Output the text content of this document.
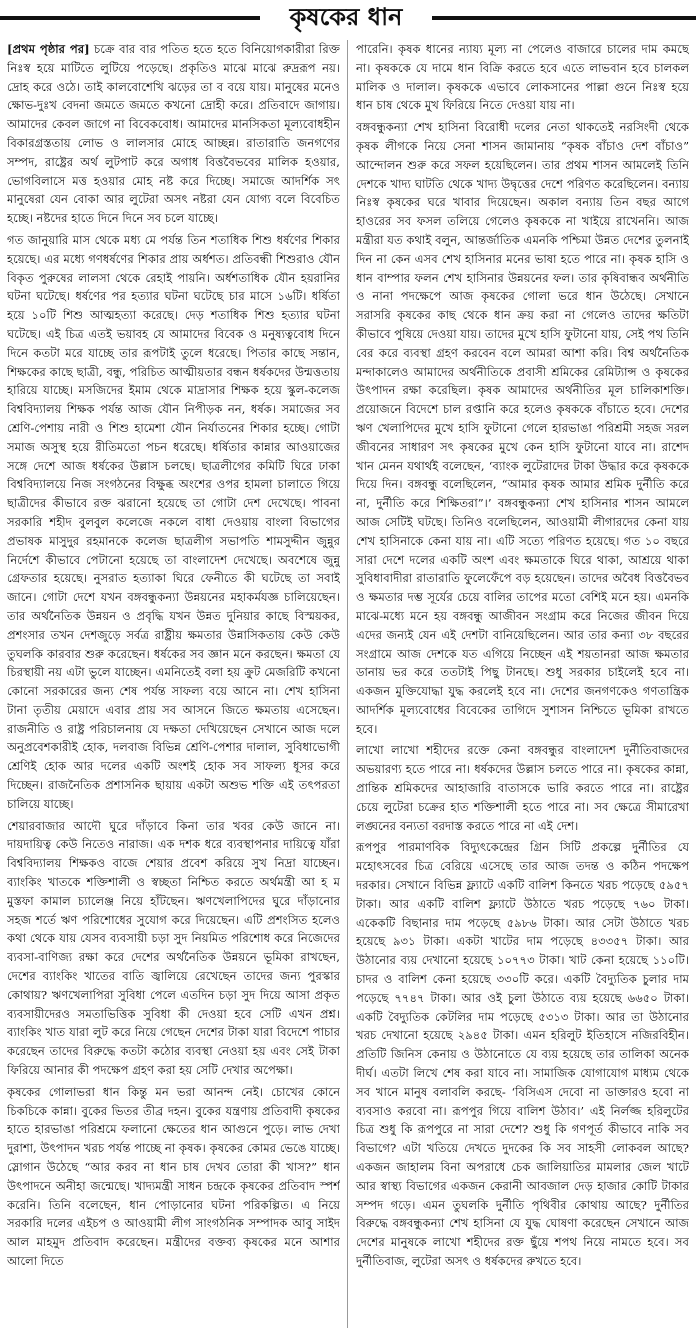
কৃষকের ধান

[প্রথম পৃষ্ঠার পর] চক্রে বার বার পতিত হতে হতে বিনিয়োগকারীরা রিক্ত নিঃস্ব হয়ে মাটিতে লুটিয়ে পড়েছে। প্রকৃতিও মাঝে মাঝে রুদ্ররূপ নয়। দ্রোহ করে ওঠে। তাই কালবোশেখি ঝড়ের তা ব বয়ে যায়। মানুষের মনেও ক্ষোভ-দুঃখ বেদনা জমতে জমতে কখনো দ্রোহী করে। প্রতিবাদে জাগায়। আমাদের কেবল জাগে না বিবেকবোধ। আমাদের মানসিকতা মূল্যবোধহীন বিকারগ্রস্ততায় লোভ ও লালসার মোহে আচ্ছন্ন। রাতারাতি জনগণের সম্পদ, রাষ্ট্রের অর্থ লুটপাট করে অগাধ বিত্তবৈভবের মালিক হওয়ার, ভোগবিলাসে মত্ত হওয়ার মোহ নষ্ট করে দিচ্ছে। সমাজে আদর্শিক সৎ মানুষেরা যেন বোকা আর লুটেরা অসৎ নষ্টরা যেন যোগ্য বলে বিবেচিত হচ্ছে। নষ্টদের হাতে দিনে দিনে সব চলে যাচ্ছে।

গত জানুয়ারি মাস থেকে মধ্য মে পর্যন্ত তিন শতাধিক শিশু ধর্ষণের শিকার হয়েছে। এর মধ্যে গণধর্ষণের শিকার প্রায় অর্ধশত। প্রতিবন্ধী শিশুরাও যৌন বিকৃত পুরুষের লালসা থেকে রেহাই পায়নি। অর্ধশতাধিক যৌন হয়রানির ঘটনা ঘটেছে। ধর্ষণের পর হত্যার ঘটনা ঘটেছে চার মাসে ১৬টি। ধর্ষিতা হয়ে ১০টি শিশু আত্মহত্যা করেছে। দেড় শতাধিক শিশু হত্যার ঘটনা ঘটেছে। এই চিত্র এতই ভয়াবহ যে আমাদের বিবেক ও মনুষ্যত্ববোধ দিনে দিনে কতটা মরে যাচ্ছে তার রূপটাই তুলে ধরেছে। পিতার কাছে সন্তান, শিক্ষকের কাছে ছাত্রী, বন্ধু, পরিচিত আত্মীয়তার বন্ধন ধর্ষকদের উন্মত্ততায় হারিয়ে যাচ্ছে। মসজিদের ইমাম থেকে মাদ্রাসার শিক্ষক হয়ে স্কুল-কলেজ বিশ্ববিদ্যালয় শিক্ষক পর্যন্ত আজ যৌন নিপীড়ক নন, ধর্ষক। সমাজের সব শ্রেণি-পেশায় নারী ও শিশু হামেশা যৌন নির্যাতনের শিকার হচ্ছে। গোটা সমাজ অসুস্থ হয়ে রীতিমতো পচন ধরেছে। ধর্ষিতার কান্নার আওয়াজের সঙ্গে দেশে আজ ধর্ষকের উল্লাস চলছে। ছাত্রলীগের কমিটি ঘিরে ঢাকা বিশ্ববিদ্যালয়ে নিজ সংগঠনের বিক্ষুব্ধ অংশের ওপর হামলা চালাতে গিয়ে ছাত্রীদের কীভাবে রক্ত ঝরানো হয়েছে তা গোটা দেশ দেখেছে। পাবনা সরকারি শহীদ বুলবুল কলেজে নকলে বাধা দেওয়ায় বাংলা বিভাগের প্রভাষক মাসুদুর রহমানকে কলেজ ছাত্রলীগ সভাপতি শামসুদ্দীন জুন্নুর নির্দেশে কীভাবে পেটানো হয়েছে তা বাংলাদেশ দেখেছে। অবশেষে জুন্নু গ্রেফতার হয়েছে। নুসরাত হত্যাকা ঘিরে ফেনীতে কী ঘটেছে তা সবাই জানে। গোটা দেশে যখন বঙ্গবন্ধুকন্যা উন্নয়নের মহাকর্মযজ্ঞ চালিয়েছেন। তার অর্থনৈতিক উন্নয়ন ও প্রবৃদ্ধি যখন উন্নত দুনিয়ার কাছে বিস্ময়কর, প্রশংসার তখন দেশজুড়ে সর্বত্র রাষ্ট্রীয় ক্ষমতার উন্নাসিকতায় কেউ কেউ তুঘলকি কারবার শুরু করেছেন। ধর্ষকের সব জ্ঞান মনে করছেন। ক্ষমতা যে চিরস্থায়ী নয় এটা ভুলে যাচ্ছেন। এমনিতেই বলা হয় ক্রুট মেজরিটি কখনো কোনো সরকারের জন্য শেষ পর্যন্ত সাফল্য বয়ে আনে না। শেখ হাসিনা টানা তৃতীয় মেয়াদে এবার প্রায় সব আসনে জিতে ক্ষমতায় এসেছেন। রাজনীতি ও রাষ্ট্র পরিচালনায় যে দক্ষতা দেখিয়েছেন সেখানে আজ দলে অনুপ্রবেশকারীই হোক, দলবাজ বিভিন্ন শ্রেণি-পেশার দালাল, সুবিধাভোগী শ্রেণিই হোক আর দলের একটি অংশই হোক সব সাফল্য ধূসর করে দিচ্ছেন। রাজনৈতিক প্রশাসনিক ছায়ায় একটা অশুভ শক্তি এই তৎপরতা চালিয়ে যাচ্ছে।

শেয়ারবাজার আদৌ ঘুরে দাঁড়াবে কিনা তার খবর কেউ জানে না। দায়দায়িত্ব কেউ নিতেও নারাজ। এক দশক ধরে ব্যবস্থাপনার দায়িত্বে যাঁরা বিশ্ববিদ্যালয় শিক্ষকও বাজে শেয়ার প্রবেশ করিয়ে সুখ নিদ্রা যাচ্ছেন। ব্যাংকিং খাতকে শক্তিশালী ও স্বচ্ছতা নিশ্চিত করতে অর্থমন্ত্রী আ হ ম মুস্তফা কামাল চ্যালেঞ্জ নিয়ে হাঁটছেন। ঋণখেলাপিদের ঘুরে দাঁড়ানোর সহজ শর্তে ঋণ পরিশোধের সুযোগ করে দিয়েছেন। এটি প্রশংসিত হলেও কথা থেকে যায় যেসব ব্যবসায়ী চড়া সুদ নিয়মিত পরিশোধ করে নিজেদের ব্যবসা-বাণিজ্য রক্ষা করে দেশের অর্থনৈতিক উন্নয়নে ভূমিকা রাখছেন, দেশের ব্যাংকিং খাতের বাতি জ্বালিয়ে রেখেছেন তাদের জন্য পুরস্কার কোথায়? ঋণখেলাপিরা সুবিধা পেলে এতদিন চড়া সুদ দিয়ে আসা প্রকৃত ব্যবসায়ীদেরও সমতাভিত্তিক সুবিধা কী দেওয়া হবে সেটি এখন প্রশ্ন। ব্যাংকিং খাত যারা লুট করে নিয়ে গেছেন দেশের টাকা যারা বিদেশে পাচার করেছেন তাদের বিরুদ্ধে কতটা কঠোর ব্যবস্থা নেওয়া হয় এবং সেই টাকা ফিরিয়ে আনার কী পদক্ষেপ গ্রহণ করা হয় সেটি দেখার অপেক্ষা।

কৃষকের গোলাভরা ধান কিন্তু মন ভরা আনন্দ নেই। চোখের কোনে চিকচিকে কান্না। বুকের ভিতর তীব্র দহন। বুকের যন্ত্রণায় প্রতিবাদী কৃষকের হাতে হারভাঙা পরিশ্রমে ফলানো ক্ষেতের ধান আগুনে পুড়ে। লাভ দেখা দুরাশা, উৎপাদন খরচ পর্যন্ত পাচ্ছে না কৃষক। কৃষকের কোমর ভেঙে যাচ্ছে। স্লোগান উঠেছে “আর করব না ধান চাষ দেখব তোরা কী খাস?” ধান উৎপাদনে অনীহা জন্মেছে। খাদ্যমন্ত্রী সাধন চন্দ্রকে কৃষকের প্রতিবাদ স্পর্শ করেনি। তিনি বলেছেন, ধান পোড়ানোর ঘটনা পরিকল্পিত। এ নিয়ে সরকারি দলের এইচপ ও আওয়ামী লীগ সাংগঠনিক সম্পাদক আবু সাইদ আল মাহমুদ প্রতিবাদ করেছেন। মন্ত্রীদের বক্তব্য কৃষকের মনে আশার আলো দিতে

পারেনি। কৃষক ধানের ন্যায্য মূল্য না পেলেও বাজারে চালের দাম কমছে না। কৃষককে যে দামে ধান বিক্রি করতে হবে এতে লাভবান হবে চালকল মালিক ও দালাল। কৃষককে এভাবে লোকসানের পাল্লা গুনে নিঃস্ব হয়ে ধান চাষ থেকে মুখ ফিরিয়ে নিতে দেওয়া যায় না।

বঙ্গবন্ধুকন্যা শেখ হাসিনা বিরোধী দলের নেতা থাকতেই নরসিংদী থেকে কৃষক লীগকে নিয়ে সেনা শাসন জামানায় “কৃষক বাঁচাও দেশ বাঁচাও” আন্দোলন শুরু করে সফল হয়েছিলেন। তার প্রথম শাসন আমলেই তিনি দেশকে খাদ্য ঘাটতি থেকে খাদ্য উদ্বৃত্তের দেশে পরিণত করেছিলেন। বন্যায় নিঃস্ব কৃষকের ঘরে খাবার দিয়েছেন। অকাল বন্যায় তিন বছর আগে হাওরের সব ফসল তলিয়ে গেলেও কৃষককে না খাইয়ে রাখেননি। আজ মন্ত্রীরা যত কথাই বলুন, আন্তর্জাতিক এমনকি পশ্চিমা উন্নত দেশের তুলনাই দিন না কেন এসব শেখ হাসিনার মনের ভাষা হতে পারে না। কৃষক হাসি ও ধান বাম্পার ফলন শেখ হাসিনার উন্নয়নের ফল। তার কৃষিবান্ধব অর্থনীতি ও নানা পদক্ষেপে আজ কৃষকের গোলা ভরে ধান উঠেছে। সেখানে সরাসরি কৃষকের কাছ থেকে ধান ক্রয় করা না গেলেও তাদের ক্ষতিটা কীভাবে পুষিয়ে দেওয়া যায়। তাদের মুখে হাসি ফুটানো যায়, সেই পথ তিনি বের করে ব্যবস্থা গ্রহণ করবেন বলে আমরা আশা করি। বিশ্ব অর্থনৈতিক মন্দাকালেও আমাদের অর্থনীতিকে প্রবাসী শ্রমিকের রেমিট্যান্স ও কৃষকের উৎপাদন রক্ষা করেছিল। কৃষক আমাদের অর্থনীতির মূল চালিকাশক্তি। প্রয়োজনে বিদেশে চাল রপ্তানি করে হলেও কৃষককে বাঁচাতে হবে। দেশের ঋণ খেলাপিদের মুখে হাসি ফুটানো গেলে হারভাঙা পরিশ্রমী সহজ সরল জীবনের সাধারণ সৎ কৃষকের মুখে কেন হাসি ফুটানো যাবে না। রাশেদ খান মেনন যথার্থই বলেছেন, ‘ব্যাংক লুটেরাদের টাকা উদ্ধার করে কৃষককে দিয়ে দিন। বঙ্গবন্ধু বলেছিলেন, “আমার কৃষক আমার শ্রমিক দুর্নীতি করে না, দুর্নীতি করে শিক্ষিতরা”।’ বঙ্গবন্ধুকন্যা শেখ হাসিনার শাসন আমলে আজ সেটিই ঘটছে। তিনিও বলেছিলেন, আওয়ামী লীগারদের কেনা যায় শেখ হাসিনাকে কেনা যায় না। এটি সত্যে পরিণত হয়েছে। গত ১০ বছরে সারা দেশে দলের একটি অংশ এবং ক্ষমতাকে ঘিরে থাকা, আশ্রয়ে থাকা সুবিধাবাদীরা রাতারাতি ফুলেফেঁপে বড় হয়েছেন। তাদের অবৈধ বিত্তবৈভব ও ক্ষমতার দম্ভ সূর্যের চেয়ে বালির তাপের মতো বেশিই মনে হয়। এমনকি মাঝে-মধ্যে মনে হয় বঙ্গবন্ধু আজীবন সংগ্রাম করে নিজের জীবন দিয়ে এদের জন্যই যেন এই দেশটা বানিয়েছিলেন। আর তার কন্যা ৩৮ বছরের সংগ্রামে আজ দেশকে যত এগিয়ে নিচ্ছেন এই শয়তানরা আজ ক্ষমতার ডানায় ভর করে ততটাই পিছু টানছে। শুধু সরকার চাইলেই হবে না। একজন মুক্তিযোদ্ধা যুদ্ধ করলেই হবে না। দেশের জনগণকেও গণতান্ত্রিক আদর্শিক মূল্যবোধের বিবেকের তাগিদে সুশাসন নিশ্চিতে ভূমিকা রাখতে হবে।

লাখো লাখো শহীদের রক্তে কেনা বঙ্গবন্ধুর বাংলাদেশ দুর্নীতিবাজদের অভয়ারণ্য হতে পারে না। ধর্ষকদের উল্লাস চলতে পারে না। কৃষকের কান্না, প্রান্তিক শ্রমিকদের আহাজারি বাতাসকে ভারি করতে পারে না। রাষ্ট্রের চেয়ে লুটেরা চক্রের হাত শক্তিশালী হতে পারে না। সব ক্ষেত্রে সীমারেখা লঙ্ঘনের বন্যতা বরদাস্ত করতে পারে না এই দেশ।

রূপপুর পারমাণবিক বিদ্যুৎকেন্দ্রের গ্রিন সিটি প্রকল্পে দুর্নীতির যে মহোৎসবের চিত্র বেরিয়ে এসেছে তার আজ তদন্ত ও কঠিন পদক্ষেপ দরকার। সেখানে বিভিন্ন ফ্ল্যাটে একটি বালিশ কিনতে খরচ পড়েছে ৫৯৫৭ টাকা। আর একটি বালিশ ফ্ল্যাটে উঠাতে খরচ পড়েছে ৭৬০ টাকা। একেকটি বিছানার দাম পড়েছে ৫৯৮৬ টাকা। আর সেটা উঠাতে খরচ হয়েছে ৯৩১ টাকা। একটা খাটের দাম পড়েছে ৪৩৩৫৭ টাকা। আর উঠানোর ব্যয় দেখানো হয়েছে ১০৭৭৩ টাকা। খাট কেনা হয়েছে ১১০টি। চাদর ও বালিশ কেনা হয়েছে ৩৩০টি করে। একটি বৈদ্যুতিক চুলার দাম পড়েছে ৭৭৪৭ টাকা। আর ওই চুলা উঠাতে ব্যয় হয়েছে ৬৬৫০ টাকা। একটি বৈদ্যুতিক কেটলির দাম পড়েছে ৫৩১৩ টাকা। আর তা উঠানোর খরচ দেখানো হয়েছে ২৯৪৫ টাকা। এমন হরিলুট ইতিহাসে নজিরবিহীন। প্রতিটি জিনিস কেনায় ও উঠানোতে যে ব্যয় হয়েছে তার তালিকা অনেক দীর্ঘ। এতটা লিখে শেষ করা যাবে না। সামাজিক যোগাযোগ মাধ্যম থেকে সব খানে মানুষ বলাবলি করছে- ‘বিসিএস দেবো না ডাক্তারও হবো না ব্যবসাও করবো না। রূপপুর গিয়ে বালিশ উঠাব।’ এই নির্লজ্জ হরিলুটের চিত্র শুধু কি রূপপুরে না সারা দেশে? শুধু কি গণপূর্ত কীভাবে নাকি সব বিভাগে? এটা খতিয়ে দেখতে দুদকের কি সব সাহসী লোকবল আছে? একজন জাহালম বিনা অপরাধে চেক জালিয়াতির মামলার জেল খাটে আর স্বাস্থ্য বিভাগের একজন কেরানী আবজাল দেড় হাজার কোটি টাকার সম্পদ গড়ে। এমন তুঘলকি দুর্নীতি পৃথিবীর কোথায় আছে? দুর্নীতির বিরুদ্ধে বঙ্গবন্ধুকন্যা শেখ হাসিনা যে যুদ্ধ ঘোষণা করেছেন সেখানে আজ দেশের মানুষকে লাখো শহীদের রক্ত ছুঁয়ে শপথ নিয়ে নামতে হবে। সব দুর্নীতিবাজ, লুটেরা অসৎ ও ধর্ষকদের রুখতে হবে।
